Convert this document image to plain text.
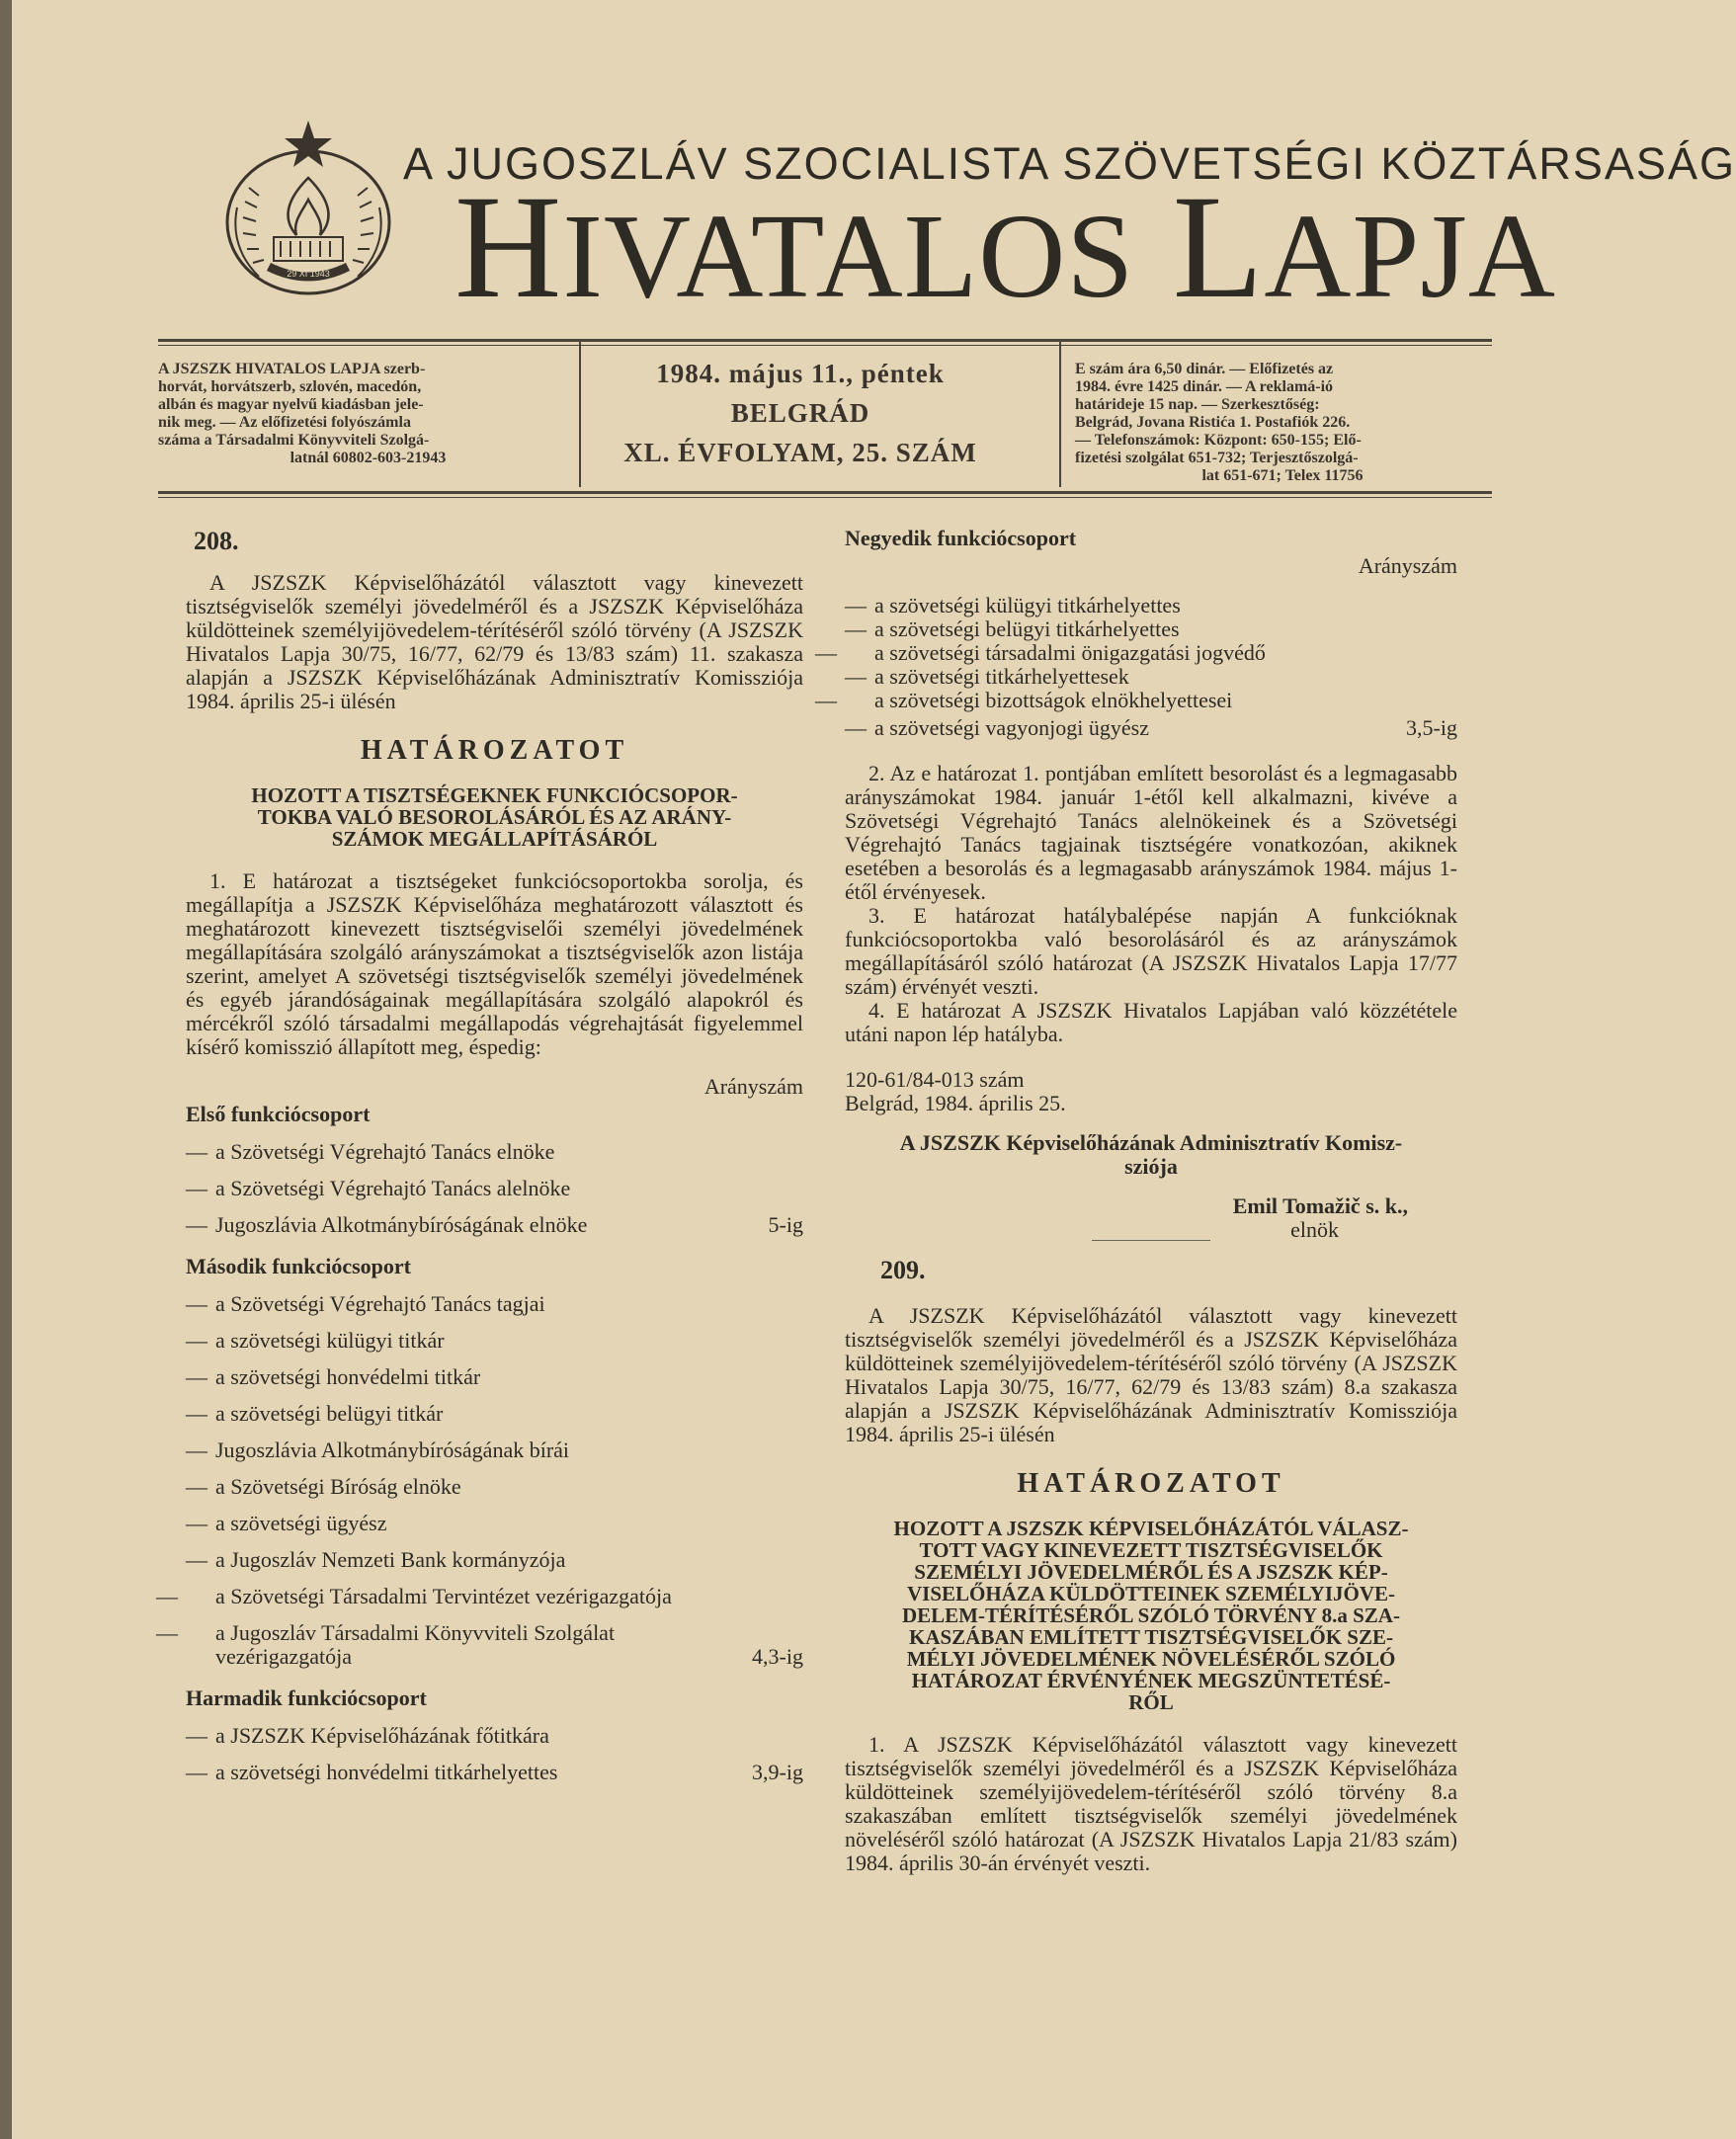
29 XI 1943
A JUGOSZLÁV SZOCIALISTA SZÖVETSÉGI KÖZTÁRSASÁG
HIVATALOS LAPJA
A JSZSZK HIVATALOS LAPJA szerb-
horvát, horvátszerb, szlovén, macedón,
albán és magyar nyelvű kiadásban jele-
nik meg. — Az előfizetési folyószámla
száma a Társadalmi Könyvviteli Szolgá-
latnál 60802-603-21943
1984. május 11., péntek
BELGRÁD
XL. ÉVFOLYAM, 25. SZÁM
E szám ára 6,50 dinár. — Előfizetés az
1984. évre 1425 dinár. — A reklamá-ió
határideje 15 nap. — Szerkesztőség:
Belgrád, Jovana Ristića 1. Postafiók 226.
— Telefonszámok: Központ: 650-155; Elő-
fizetési szolgálat 651-732; Terjesztőszolgá-
lat 651-671; Telex 11756
208.

A JSZSZK Képviselőházától választott vagy kinevezett tisztségviselők személyi jövedelméről és a JSZSZK Képviselőháza küldötteinek személyijövedelem-térítéséről szóló törvény (A JSZSZK Hivatalos Lapja 30/75, 16/77, 62/79 és 13/83 szám) 11. szakasza alapján a JSZSZK Képviselőházának Adminisztratív Komissziója 1984. április 25-i ülésén

HATÁROZATOT
HOZOTT A TISZTSÉGEKNEK FUNKCIÓCSOPOR-
TOKBA VALÓ BESOROLÁSÁRÓL ÉS AZ ARÁNY-
SZÁMOK MEGÁLLAPÍTÁSÁRÓL

1. E határozat a tisztségeket funkciócsoportokba sorolja, és megállapítja a JSZSZK Képviselőháza meghatározott választott és meghatározott kinevezett tisztségviselői személyi jövedelmének megállapítására szolgáló arányszámokat a tisztségviselők azon listája szerint, amelyet A szövetségi tisztségviselők személyi jövedelmének és egyéb járandóságainak megállapítására szolgáló alapokról és mércékről szóló társadalmi megállapodás végrehajtását figyelemmel kísérő komisszió állapított meg, éspedig:

Arányszám
Első funkciócsoport
— a Szövetségi Végrehajtó Tanács elnöke
— a Szövetségi Végrehajtó Tanács alelnöke
— Jugoszlávia Alkotmánybíróságának elnöke	5-ig
Második funkciócsoport
— a Szövetségi Végrehajtó Tanács tagjai
— a szövetségi külügyi titkár
— a szövetségi honvédelmi titkár
— a szövetségi belügyi titkár
— Jugoszlávia Alkotmánybíróságának bírái
— a Szövetségi Bíróság elnöke
— a szövetségi ügyész
— a Jugoszláv Nemzeti Bank kormányzója
— a Szövetségi Társadalmi Tervintézet vezérigazgatója
— a Jugoszláv Társadalmi Könyvviteli Szolgálat vezérigazgatója	4,3-ig
Harmadik funkciócsoport
— a JSZSZK Képviselőházának főtitkára
— a szövetségi honvédelmi titkárhelyettes	3,9-ig
Negyedik funkciócsoport
Arányszám
— a szövetségi külügyi titkárhelyettes
— a szövetségi belügyi titkárhelyettes
— a szövetségi társadalmi önigazgatási jogvédő
— a szövetségi titkárhelyettesek
— a szövetségi bizottságok elnökhelyettesei
— a szövetségi vagyonjogi ügyész	3,5-ig

2. Az e határozat 1. pontjában említett besorolást és a legmagasabb arányszámokat 1984. január 1-étől kell alkalmazni, kivéve a Szövetségi Végrehajtó Tanács alelnökeinek és a Szövetségi Végrehajtó Tanács tagjainak tisztségére vonatkozóan, akiknek esetében a besorolás és a legmagasabb arányszámok 1984. május 1-étől érvényesek.

3. E határozat hatálybalépése napján A funkcióknak funkciócsoportokba való besorolásáról és az arányszámok megállapításáról szóló határozat (A JSZSZK Hivatalos Lapja 17/77 szám) érvényét veszti.

4. E határozat A JSZSZK Hivatalos Lapjában való közzététele utáni napon lép hatályba.

120-61/84-013 szám
Belgrád, 1984. április 25.
A JSZSZK Képviselőházának Adminisztratív Komisz-
sziója
Emil Tomažič s. k.,
elnök
209.

A JSZSZK Képviselőházától választott vagy kinevezett tisztségviselők személyi jövedelméről és a JSZSZK Képviselőháza küldötteinek személyijövedelem-térítéséről szóló törvény (A JSZSZK Hivatalos Lapja 30/75, 16/77, 62/79 és 13/83 szám) 8.a szakasza alapján a JSZSZK Képviselőházának Adminisztratív Komissziója 1984. április 25-i ülésén

HATÁROZATOT
HOZOTT A JSZSZK KÉPVISELŐHÁZÁTÓL VÁLASZ-
TOTT VAGY KINEVEZETT TISZTSÉGVISELŐK
SZEMÉLYI JÖVEDELMÉRŐL ÉS A JSZSZK KÉP-
VISELŐHÁZA KÜLDÖTTEINEK SZEMÉLYIJÖVE-
DELEM-TÉRÍTÉSÉRŐL SZÓLÓ TÖRVÉNY 8.a SZA-
KASZÁBAN EMLÍTETT TISZTSÉGVISELŐK SZE-
MÉLYI JÖVEDELMÉNEK NÖVELÉSÉRŐL SZÓLÓ
HATÁROZAT ÉRVÉNYÉNEK MEGSZÜNTETÉSÉ-
RŐL

1. A JSZSZK Képviselőházától választott vagy kinevezett tisztségviselők személyi jövedelméről és a JSZSZK Képviselőháza küldötteinek személyijövedelem-térítéséről szóló törvény 8.a szakaszában említett tisztségviselők személyi jövedelmének növeléséről szóló határozat (A JSZSZK Hivatalos Lapja 21/83 szám) 1984. április 30-án érvényét veszti.
